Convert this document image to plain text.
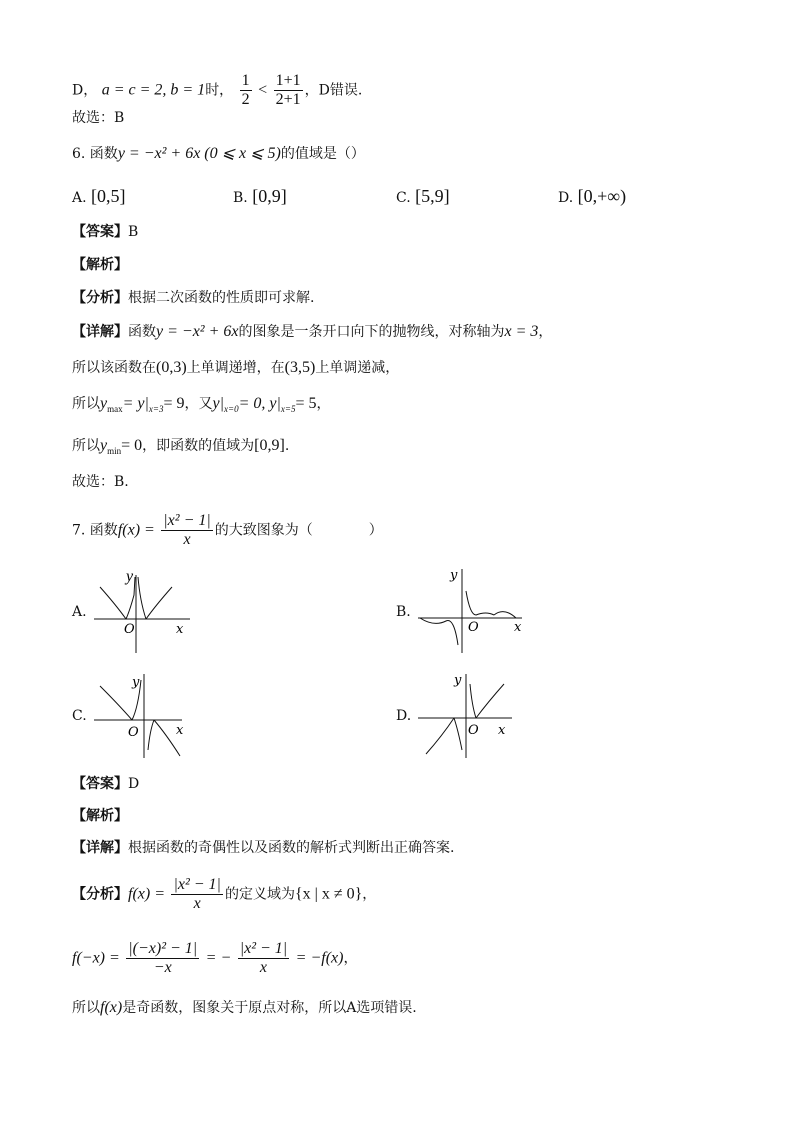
D， a = c = 2, b = 1时， $\frac{1}{2} < \frac{1+1}{2+1}$ ，D错误.
故选：B
6. 函数y = −x² + 6x (0 ⩽ x ⩽ 5)的值域是（）
A. [0,5]	B. [0,9]	C. [5,9]	D. [0,+∞)
【答案】B
【解析】
【分析】根据二次函数的性质即可求解.
【详解】函数y = −x² + 6x的图象是一条开口向下的抛物线，对称轴为x = 3，
所以该函数在(0,3)上单调递增，在(3,5)上单调递减，
所以$y_{max}= y|_{x=3}= 9$，又$y|_{x=0}= 0$, $y|_{x=5}= 5$，
所以$y_{min}= 0$，即函数的值域为[0,9].
故选：B.
7. 函数$f(x) = \frac{\text{|x² − 1|}}{x}$ 的大致图象为（　　　　）
A.
y
x
O
B.
y
x
O
C.
y
x
O
D.
y
x
O
【答案】D
【解析】
【详解】根据函数的奇偶性以及函数的解析式判断出正确答案.
【分析】$f(x) = \frac{\text{|x² − 1|}}{x}$ 的定义域为{x | x ≠ 0}，
$f(-x) = \frac{\text{|(−x)² − 1|}}{-x}$ = − $\frac{\text{|x² − 1|}}{x} = -f(x)$，
所以f(x)是奇函数，图象关于原点对称，所以A选项错误.
